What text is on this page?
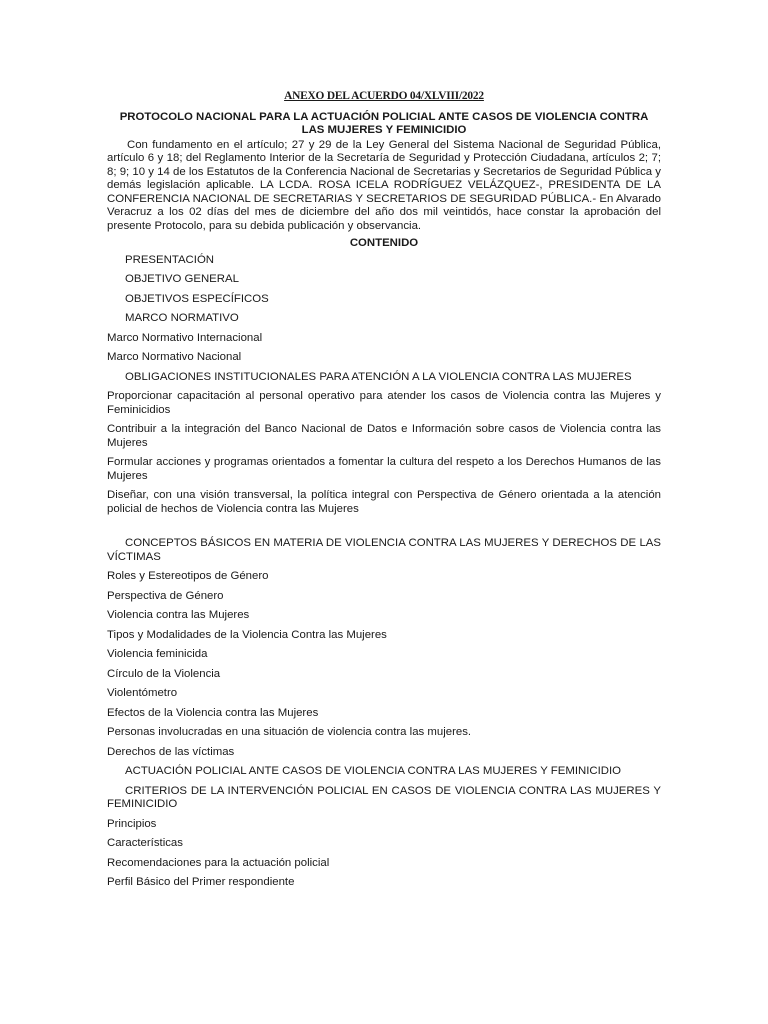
ANEXO DEL ACUERDO 04/XLVIII/2022
PROTOCOLO NACIONAL PARA LA ACTUACIÓN POLICIAL ANTE CASOS DE VIOLENCIA CONTRA LAS MUJERES Y FEMINICIDIO

Con fundamento en el artículo; 27 y 29 de la Ley General del Sistema Nacional de Seguridad Pública, artículo 6 y 18; del Reglamento Interior de la Secretaría de Seguridad y Protección Ciudadana, artículos 2; 7; 8; 9; 10 y 14 de los Estatutos de la Conferencia Nacional de Secretarias y Secretarios de Seguridad Pública y demás legislación aplicable. LA LCDA. ROSA ICELA RODRÍGUEZ VELÁZQUEZ-, PRESIDENTA DE LA CONFERENCIA NACIONAL DE SECRETARIAS Y SECRETARIOS DE SEGURIDAD PÚBLICA.- En Alvarado Veracruz a los 02 días del mes de diciembre del año dos mil veintidós, hace constar la aprobación del presente Protocolo, para su debida publicación y observancia.

CONTENIDO
PRESENTACIÓN
OBJETIVO GENERAL
OBJETIVOS ESPECÍFICOS
MARCO NORMATIVO
Marco Normativo Internacional
Marco Normativo Nacional
OBLIGACIONES INSTITUCIONALES PARA ATENCIÓN A LA VIOLENCIA CONTRA LAS MUJERES
Proporcionar capacitación al personal operativo para atender los casos de Violencia contra las Mujeres y Feminicidios
Contribuir a la integración del Banco Nacional de Datos e Información sobre casos de Violencia contra las Mujeres
Formular acciones y programas orientados a fomentar la cultura del respeto a los Derechos Humanos de las Mujeres
Diseñar, con una visión transversal, la política integral con Perspectiva de Género orientada a la atención policial de hechos de Violencia contra las Mujeres
CONCEPTOS BÁSICOS EN MATERIA DE VIOLENCIA CONTRA LAS MUJERES Y DERECHOS DE LAS VÍCTIMAS
Roles y Estereotipos de Género
Perspectiva de Género
Violencia contra las Mujeres
Tipos y Modalidades de la Violencia Contra las Mujeres
Violencia feminicida
Círculo de la Violencia
Violentómetro
Efectos de la Violencia contra las Mujeres
Personas involucradas en una situación de violencia contra las mujeres.
Derechos de las víctimas
ACTUACIÓN POLICIAL ANTE CASOS DE VIOLENCIA CONTRA LAS MUJERES Y FEMINICIDIO
CRITERIOS DE LA INTERVENCIÓN POLICIAL EN CASOS DE VIOLENCIA CONTRA LAS MUJERES Y FEMINICIDIO
Principios
Características
Recomendaciones para la actuación policial
Perfil Básico del Primer respondiente
